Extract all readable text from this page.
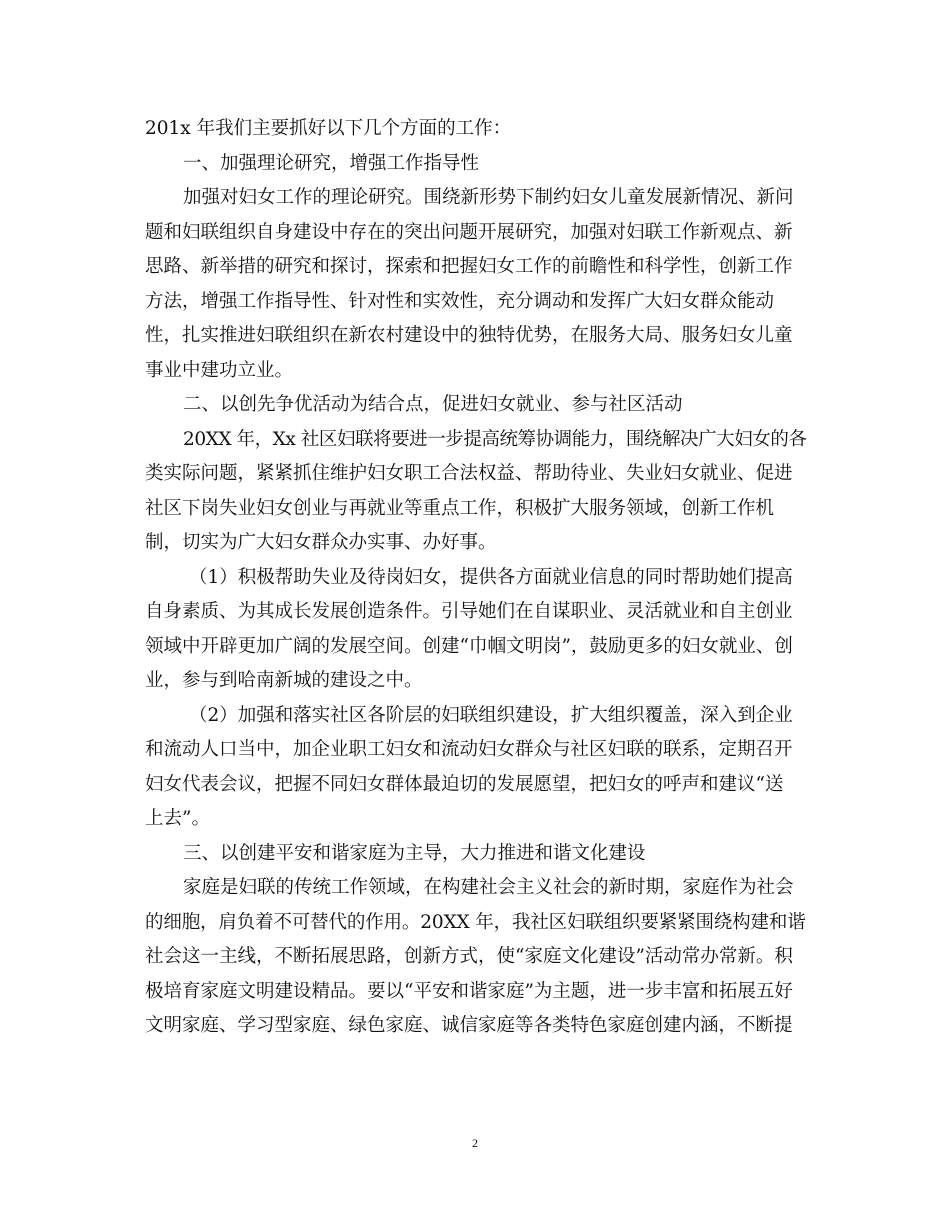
201x 年我们主要抓好以下几个方面的工作：
一、加强理论研究，增强工作指导性
加强对妇女工作的理论研究。围绕新形势下制约妇女儿童发展新情况、新问
题和妇联组织自身建设中存在的突出问题开展研究，加强对妇联工作新观点、新
思路、新举措的研究和探讨，探索和把握妇女工作的前瞻性和科学性，创新工作
方法，增强工作指导性、针对性和实效性，充分调动和发挥广大妇女群众能动
性，扎实推进妇联组织在新农村建设中的独特优势，在服务大局、服务妇女儿童
事业中建功立业。
二、以创先争优活动为结合点，促进妇女就业、参与社区活动
20XX 年，Xx 社区妇联将要进一步提高统筹协调能力，围绕解决广大妇女的各
类实际问题，紧紧抓住维护妇女职工合法权益、帮助待业、失业妇女就业、促进
社区下岗失业妇女创业与再就业等重点工作，积极扩大服务领域，创新工作机
制，切实为广大妇女群众办实事、办好事。
（1）积极帮助失业及待岗妇女，提供各方面就业信息的同时帮助她们提高
自身素质、为其成长发展创造条件。引导她们在自谋职业、灵活就业和自主创业
领域中开辟更加广阔的发展空间。创建“巾帼文明岗”，鼓励更多的妇女就业、创
业，参与到哈南新城的建设之中。
（2）加强和落实社区各阶层的妇联组织建设，扩大组织覆盖，深入到企业
和流动人口当中，加企业职工妇女和流动妇女群众与社区妇联的联系，定期召开
妇女代表会议，把握不同妇女群体最迫切的发展愿望，把妇女的呼声和建议“送
上去”。
三、以创建平安和谐家庭为主导，大力推进和谐文化建设
家庭是妇联的传统工作领域，在构建社会主义社会的新时期，家庭作为社会
的细胞，肩负着不可替代的作用。20XX 年，我社区妇联组织要紧紧围绕构建和谐
社会这一主线，不断拓展思路，创新方式，使“家庭文化建设”活动常办常新。积
极培育家庭文明建设精品。要以“平安和谐家庭”为主题，进一步丰富和拓展五好
文明家庭、学习型家庭、绿色家庭、诚信家庭等各类特色家庭创建内涵，不断提
2
